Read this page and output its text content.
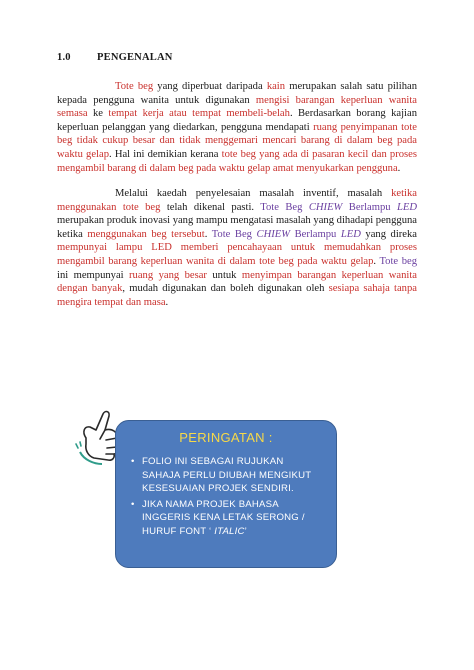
1.0	PENGENALAN

Tote beg yang diperbuat daripada kain merupakan salah satu pilihan kepada pengguna wanita untuk digunakan mengisi barangan keperluan wanita semasa ke tempat kerja atau tempat membeli-belah. Berdasarkan borang kajian keperluan pelanggan yang diedarkan, pengguna mendapati ruang penyimpanan tote beg tidak cukup besar dan tidak menggemari mencari barang di dalam beg pada waktu gelap. Hal ini demikian kerana tote beg yang ada di pasaran kecil dan proses mengambil barang di dalam beg pada waktu gelap amat menyukarkan pengguna.

Melalui kaedah penyelesaian masalah inventif, masalah ketika menggunakan tote beg telah dikenal pasti. Tote Beg CHIEW Berlampu LED merupakan produk inovasi yang mampu mengatasi masalah yang dihadapi pengguna ketika menggunakan beg tersebut. Tote Beg CHIEW Berlampu LED yang direka mempunyai lampu LED memberi pencahayaan untuk memudahkan proses mengambil barang keperluan wanita di dalam tote beg pada waktu gelap. Tote beg ini mempunyai ruang yang besar untuk menyimpan barangan keperluan wanita dengan banyak, mudah digunakan dan boleh digunakan oleh sesiapa sahaja tanpa mengira tempat dan masa.

PERINGATAN :
• FOLIO INI SEBAGAI RUJUKAN SAHAJA PERLU DIUBAH MENGIKUT KESESUAIAN PROJEK SENDIRI.
• JIKA NAMA PROJEK BAHASA INGGERIS KENA LETAK SERONG / HURUF FONT ‘ ITALIC’
